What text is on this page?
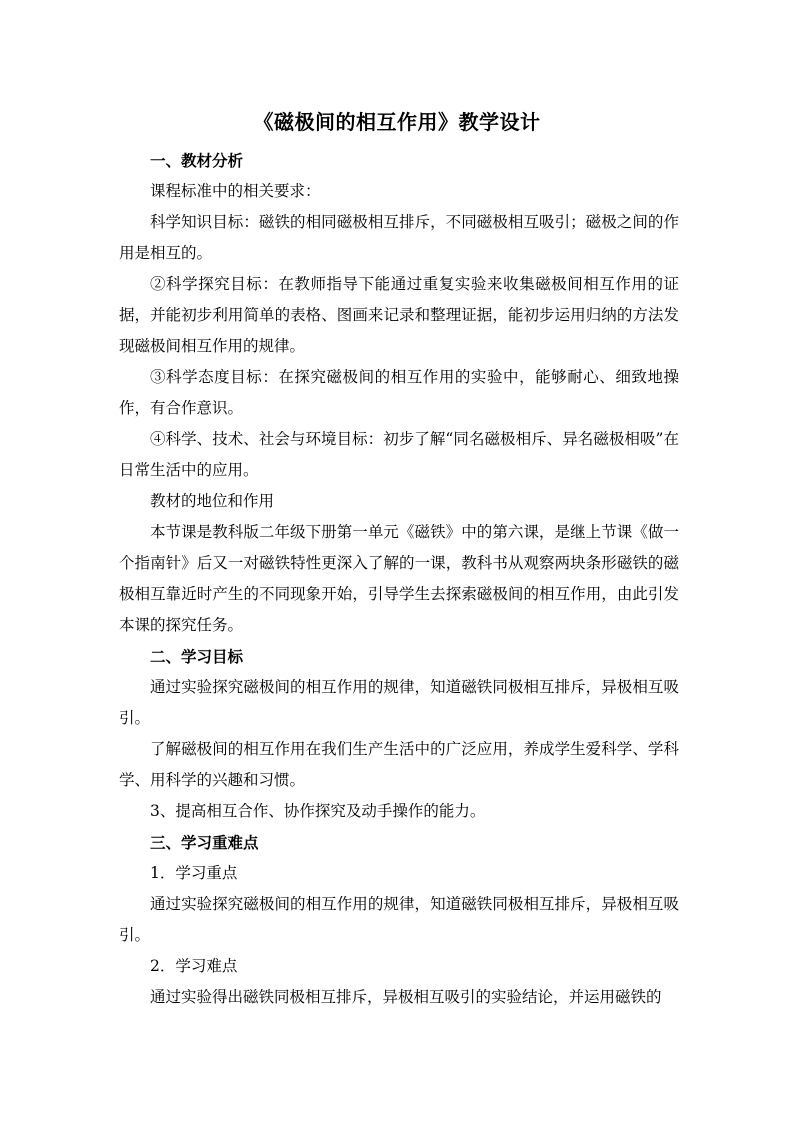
《磁极间的相互作用》教学设计

一、教材分析

课程标准中的相关要求：

科学知识目标：磁铁的相同磁极相互排斥，不同磁极相互吸引；磁极之间的作用是相互的。

②科学探究目标：在教师指导下能通过重复实验来收集磁极间相互作用的证据，并能初步利用简单的表格、图画来记录和整理证据，能初步运用归纳的方法发现磁极间相互作用的规律。

③科学态度目标：在探究磁极间的相互作用的实验中，能够耐心、细致地操作，有合作意识。

④科学、技术、社会与环境目标：初步了解“同名磁极相斥、异名磁极相吸”在日常生活中的应用。

教材的地位和作用

本节课是教科版二年级下册第一单元《磁铁》中的第六课，是继上节课《做一个指南针》后又一对磁铁特性更深入了解的一课，教科书从观察两块条形磁铁的磁极相互靠近时产生的不同现象开始，引导学生去探索磁极间的相互作用，由此引发本课的探究任务。

二、学习目标

通过实验探究磁极间的相互作用的规律，知道磁铁同极相互排斥，异极相互吸引。

了解磁极间的相互作用在我们生产生活中的广泛应用，养成学生爱科学、学科学、用科学的兴趣和习惯。

3、提高相互合作、协作探究及动手操作的能力。

三、学习重难点

1．学习重点

通过实验探究磁极间的相互作用的规律，知道磁铁同极相互排斥，异极相互吸引。

2．学习难点

通过实验得出磁铁同极相互排斥，异极相互吸引的实验结论，并运用磁铁的
